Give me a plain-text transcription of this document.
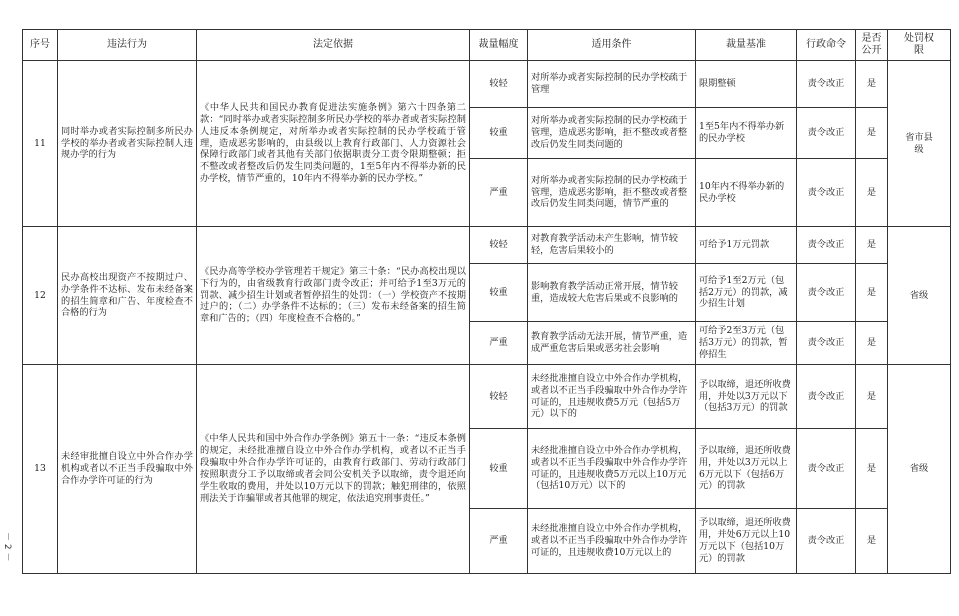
序号	违法行为	法定依据	裁量幅度	适用条件	裁量基准	行政命令	是否公开	处罚权限
11	同时举办或者实际控制多所民办学校的举办者或者实际控制人违规办学的行为	《中华人民共和国民办教育促进法实施条例》第六十四条第二款：“同时举办或者实际控制多所民办学校的举办者或者实际控制人违反本条例规定，对所举办或者实际控制的民办学校疏于管理，造成恶劣影响的，由县级以上教育行政部门、人力资源社会保障行政部门或者其他有关部门依据职责分工责令限期整顿；拒不整改或者整改后仍发生同类问题的，1至5年内不得举办新的民办学校，情节严重的，10年内不得举办新的民办学校。”	较轻	对所举办或者实际控制的民办学校疏于管理	限期整顿	责令改正	是	省市县级
			较重	对所举办或者实际控制的民办学校疏于管理，造成恶劣影响，拒不整改或者整改后仍发生同类问题的	1至5年内不得举办新的民办学校	责令改正	是	
			严重	对所举办或者实际控制的民办学校疏于管理，造成恶劣影响，拒不整改或者整改后仍发生同类问题，情节严重的	10年内不得举办新的民办学校	责令改正	是	
12	民办高校出现资产不按期过户、办学条件不达标、发布未经备案的招生简章和广告、年度检查不合格的行为	《民办高等学校办学管理若干规定》第三十条：“民办高校出现以下行为的，由省级教育行政部门责令改正；并可给予1至3万元的罚款、减少招生计划或者暂停招生的处罚：（一）学校资产不按期过户的；（二）办学条件不达标的；（三）发布未经备案的招生简章和广告的；（四）年度检查不合格的。”	较轻	对教育教学活动未产生影响，情节较轻，危害后果较小的	可给予1万元罚款	责令改正	是	省级
			较重	影响教育教学活动正常开展，情节较重，造成较大危害后果或不良影响的	可给予1至2万元（包括2万元）的罚款，减少招生计划	责令改正	是	
			严重	教育教学活动无法开展，情节严重，造成严重危害后果或恶劣社会影响	可给予2至3万元（包括3万元）的罚款，暂停招生	责令改正	是	
13	未经审批擅自设立中外合作办学机构或者以不正当手段骗取中外合作办学许可证的行为	《中华人民共和国中外合作办学条例》第五十一条：“违反本条例的规定，未经批准擅自设立中外合作办学机构，或者以不正当手段骗取中外合作办学许可证的，由教育行政部门、劳动行政部门按照职责分工予以取缔或者会同公安机关予以取缔，责令退还向学生收取的费用，并处以10万元以下的罚款；触犯刑律的，依照刑法关于诈骗罪或者其他罪的规定，依法追究刑事责任。”	较轻	未经批准擅自设立中外合作办学机构，或者以不正当手段骗取中外合作办学许可证的，且违规收费5万元（包括5万元）以下的	予以取缔，退还所收费用，并处以3万元以下（包括3万元）的罚款	责令改正	是	省级
			较重	未经批准擅自设立中外合作办学机构，或者以不正当手段骗取中外合作办学许可证的，且违规收费5万元以上10万元（包括10万元）以下的	予以取缔，退还所收费用，并处以3万元以上6万元以下（包括6万元）的罚款	责令改正	是	
			严重	未经批准擅自设立中外合作办学机构，或者以不正当手段骗取中外合作办学许可证的，且违规收费10万元以上的	予以取缔，退还所收费用，并处6万元以上10万元以下（包括10万元）的罚款	责令改正	是	
－ 2 －
